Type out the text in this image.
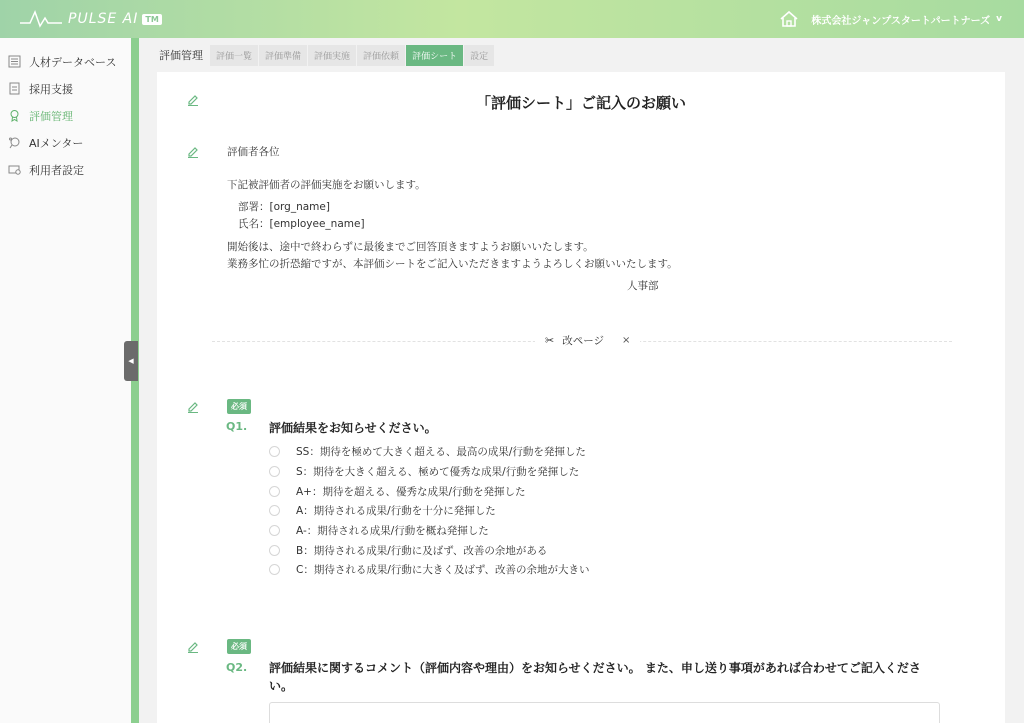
PULSE AI TM	株式会社ジャンプスタートパートナーズ v
人材データベース
採用支援
評価管理
AIメンター
利用者設定
◀
評価管理	評価一覧	評価準備	評価実施	評価依頼	評価シート	設定
「評価シート」ご記入のお願い
評価者各位
下記被評価者の評価実施をお願いします。
部署：[org_name]
氏名：[employee_name]
開始後は、途中で終わらずに最後までご回答頂きますようお願いいたします。
業務多忙の折恐縮ですが、本評価シートをご記入いただきますようよろしくお願いいたします。
人事部
✂ 改ページ ×
必須
Q1. 評価結果をお知らせください。
SS：期待を極めて大きく超える、最高の成果/行動を発揮した
S：期待を大きく超える、極めて優秀な成果/行動を発揮した
A+：期待を超える、優秀な成果/行動を発揮した
A：期待される成果/行動を十分に発揮した
A-：期待される成果/行動を概ね発揮した
B：期待される成果/行動に及ばず、改善の余地がある
C：期待される成果/行動に大きく及ばず、改善の余地が大きい
必須
Q2. 評価結果に関するコメント（評価内容や理由）をお知らせください。 また、申し送り事項があれば合わせてご記入くださ
い。
